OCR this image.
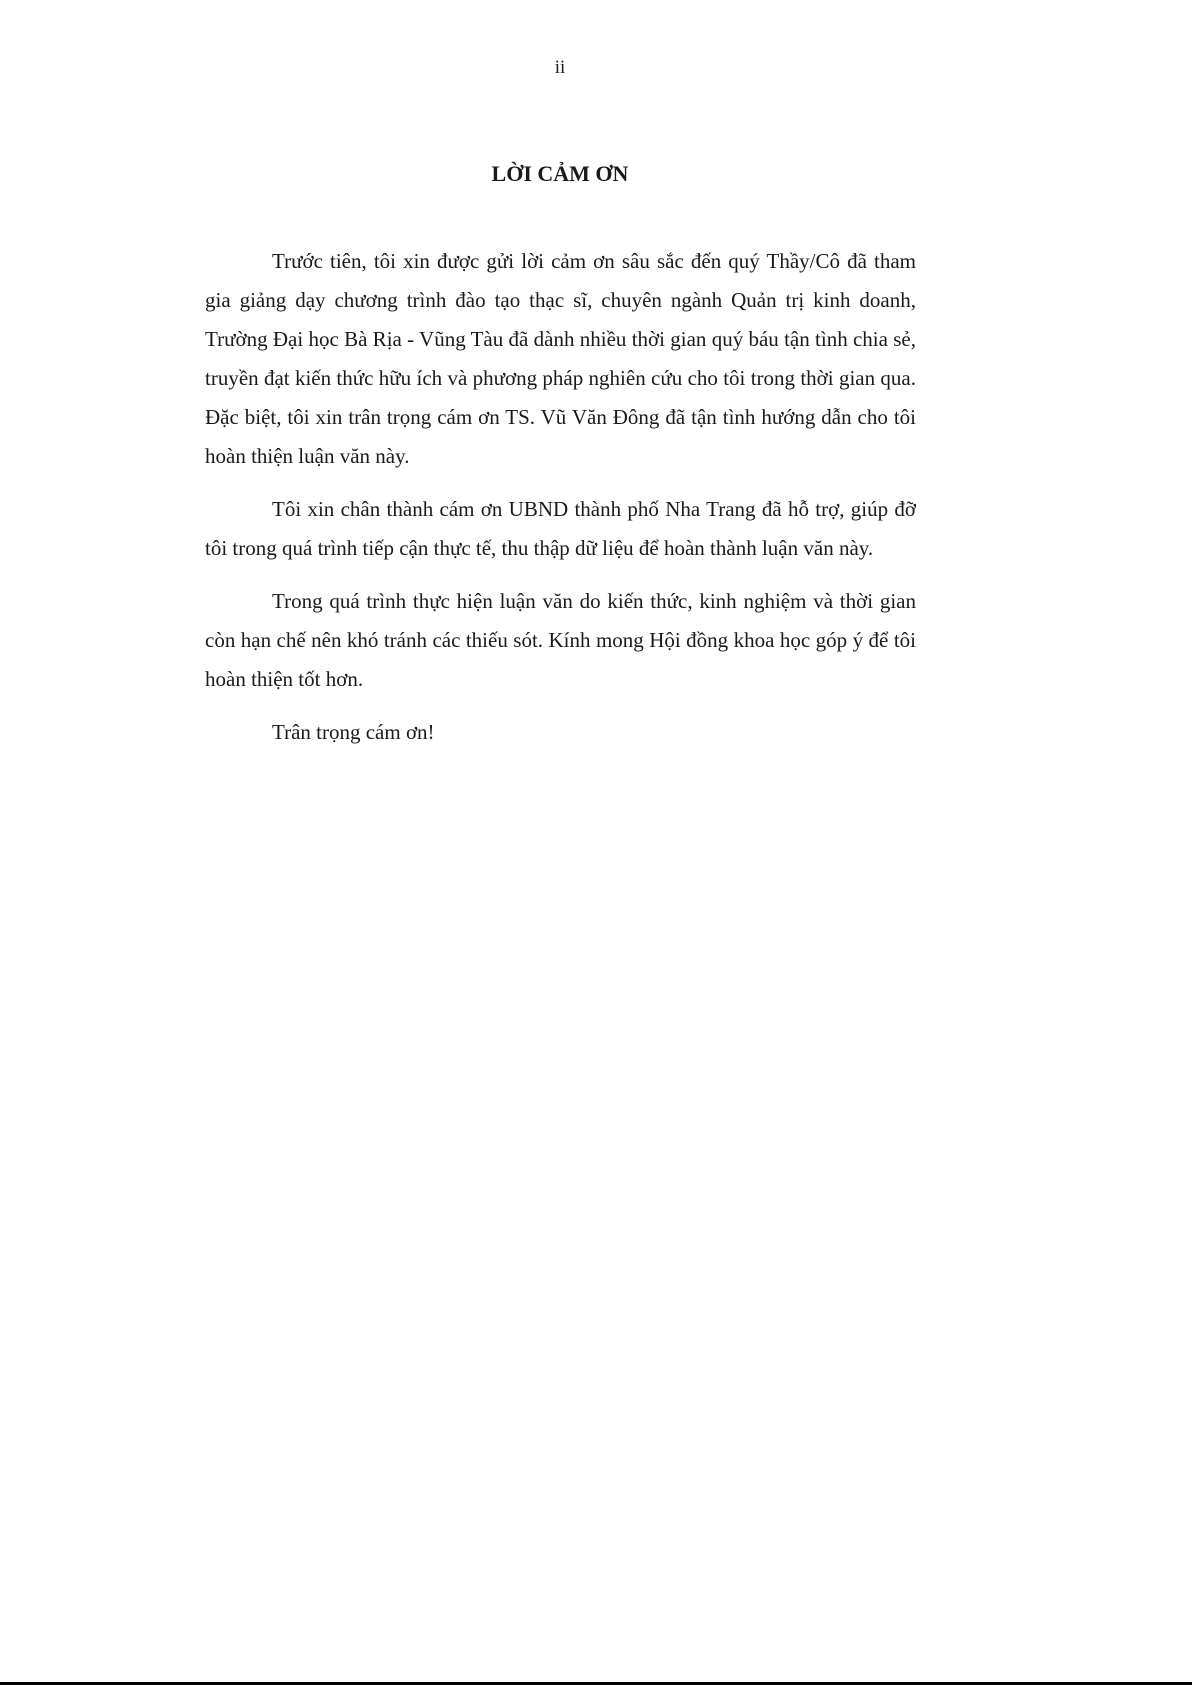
ii
LỜI CẢM ƠN

Trước tiên, tôi xin được gửi lời cảm ơn sâu sắc đến quý Thầy/Cô đã tham gia giảng dạy chương trình đào tạo thạc sĩ, chuyên ngành Quản trị kinh doanh, Trường Đại học Bà Rịa - Vũng Tàu đã dành nhiều thời gian quý báu tận tình chia sẻ, truyền đạt kiến thức hữu ích và phương pháp nghiên cứu cho tôi trong thời gian qua. Đặc biệt, tôi xin trân trọng cám ơn TS. Vũ Văn Đông đã tận tình hướng dẫn cho tôi hoàn thiện luận văn này.

Tôi xin chân thành cám ơn UBND thành phố Nha Trang đã hỗ trợ, giúp đỡ tôi trong quá trình tiếp cận thực tế, thu thập dữ liệu để hoàn thành luận văn này.

Trong quá trình thực hiện luận văn do kiến thức, kinh nghiệm và thời gian còn hạn chế nên khó tránh các thiếu sót. Kính mong Hội đồng khoa học góp ý để tôi hoàn thiện tốt hơn.

Trân trọng cám ơn!
